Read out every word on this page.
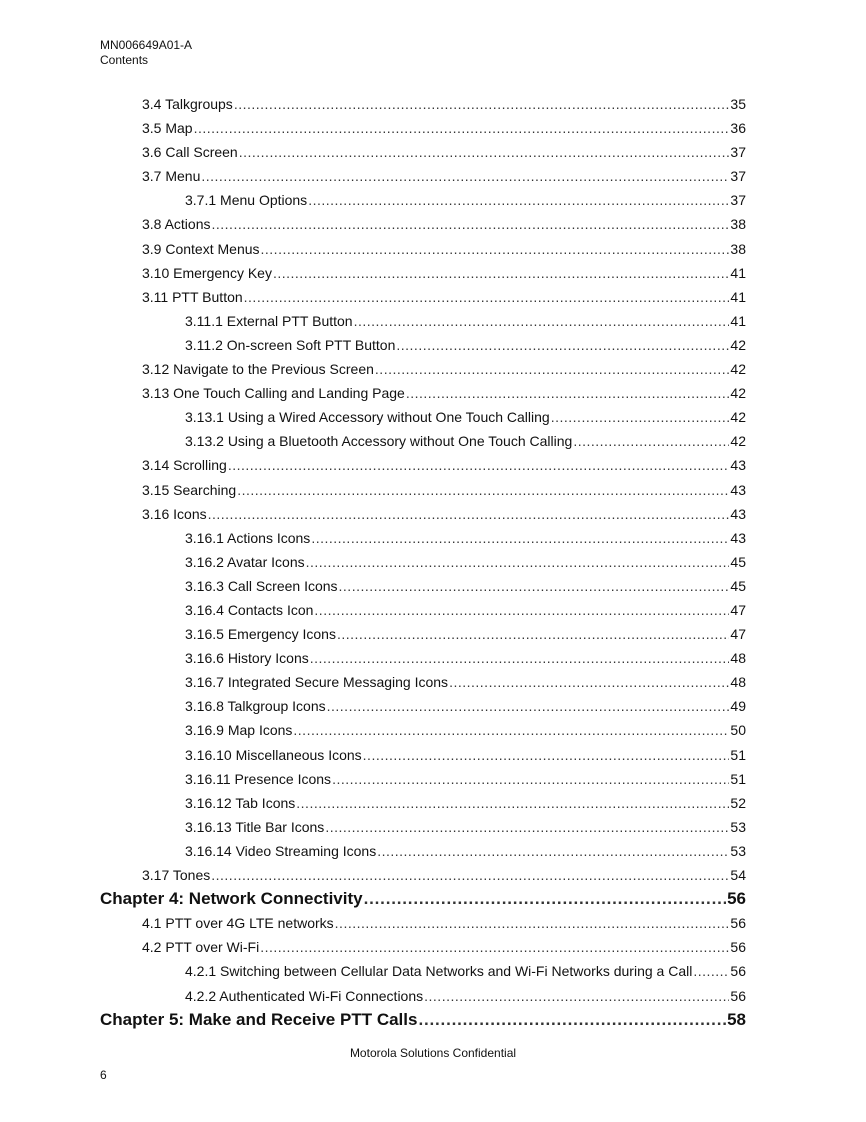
MN006649A01-A
Contents
3.4 Talkgroups .....	35
3.5 Map .....	36
3.6 Call Screen .....	37
3.7 Menu .....	37
3.7.1 Menu Options .....	37
3.8 Actions .....	38
3.9 Context Menus .....	38
3.10 Emergency Key .....	41
3.11 PTT Button .....	41
3.11.1 External PTT Button .....	41
3.11.2 On-screen Soft PTT Button .....	42
3.12 Navigate to the Previous Screen .....	42
3.13 One Touch Calling and Landing Page .....	42
3.13.1 Using a Wired Accessory without One Touch Calling .....	42
3.13.2 Using a Bluetooth Accessory without One Touch Calling .....	42
3.14 Scrolling .....	43
3.15 Searching .....	43
3.16 Icons .....	43
3.16.1 Actions Icons .....	43
3.16.2 Avatar Icons .....	45
3.16.3 Call Screen Icons .....	45
3.16.4 Contacts Icon .....	47
3.16.5 Emergency Icons .....	47
3.16.6 History Icons .....	48
3.16.7 Integrated Secure Messaging Icons .....	48
3.16.8 Talkgroup Icons .....	49
3.16.9 Map Icons .....	50
3.16.10 Miscellaneous Icons .....	51
3.16.11 Presence Icons .....	51
3.16.12 Tab Icons .....	52
3.16.13 Title Bar Icons .....	53
3.16.14 Video Streaming Icons .....	53
3.17 Tones .....	54
Chapter 4: Network Connectivity .....	56
4.1 PTT over 4G LTE networks .....	56
4.2 PTT over Wi-Fi .....	56
4.2.1 Switching between Cellular Data Networks and Wi-Fi Networks during a Call .....	56
4.2.2 Authenticated Wi-Fi Connections .....	56
Chapter 5: Make and Receive PTT Calls .....	58
Motorola Solutions Confidential
6
